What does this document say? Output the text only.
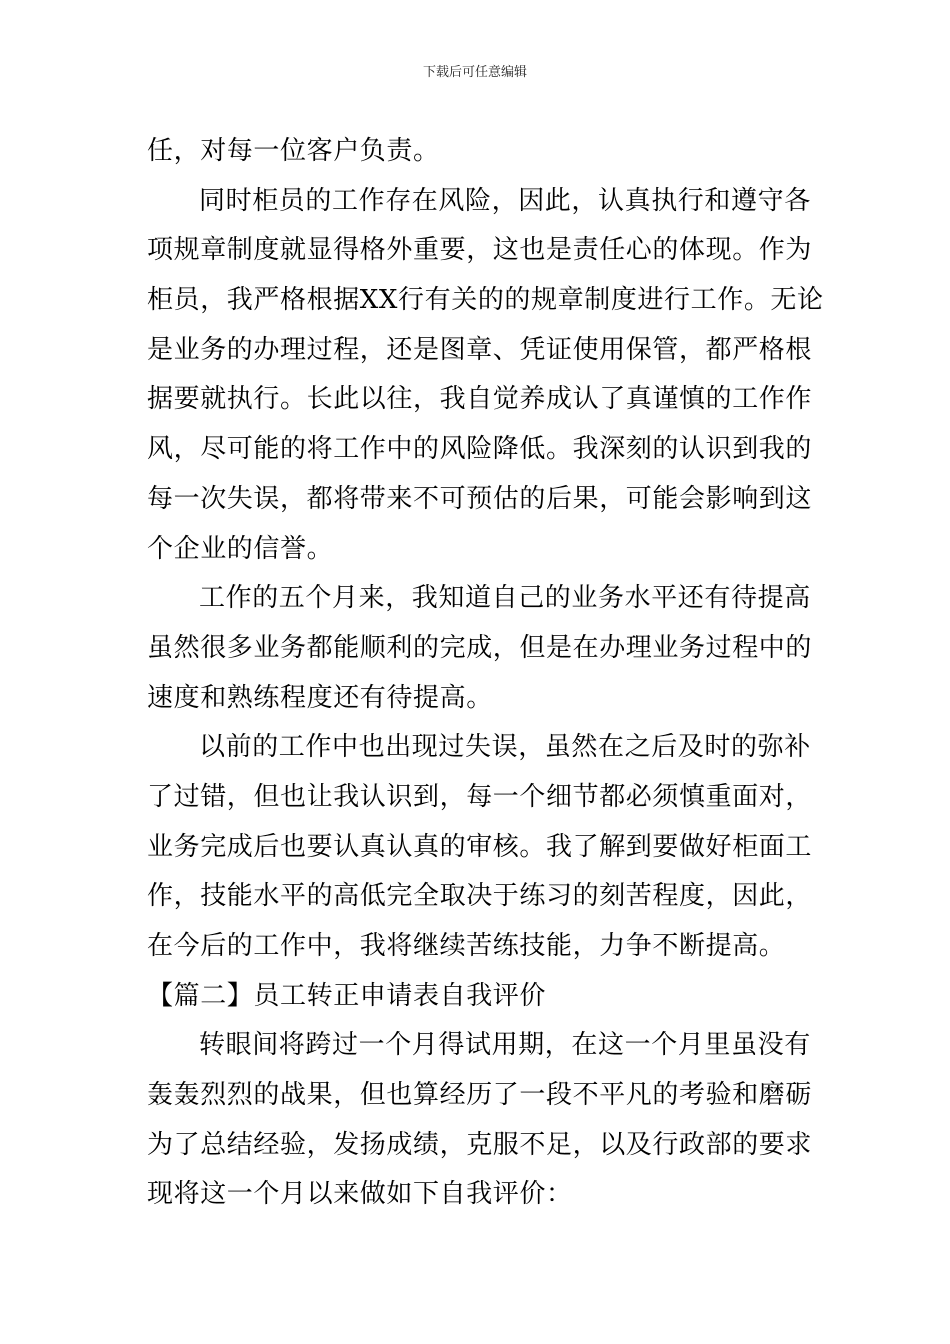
下载后可任意编辑
任，对每一位客户负责。
同时柜员的工作存在风险，因此，认真执行和遵守各
项规章制度就显得格外重要，这也是责任心的体现。作为
柜员，我严格根据XX行有关的的规章制度进行工作。无论
是业务的办理过程，还是图章、凭证使用保管，都严格根
据要就执行。长此以往，我自觉养成认了真谨慎的工作作
风，尽可能的将工作中的风险降低。我深刻的认识到我的
每一次失误，都将带来不可预估的后果，可能会影响到这
个企业的信誉。
工作的五个月来，我知道自己的业务水平还有待提高
虽然很多业务都能顺利的完成，但是在办理业务过程中的
速度和熟练程度还有待提高。
以前的工作中也出现过失误，虽然在之后及时的弥补
了过错，但也让我认识到，每一个细节都必须慎重面对，
业务完成后也要认真认真的审核。我了解到要做好柜面工
作，技能水平的高低完全取决于练习的刻苦程度，因此，
在今后的工作中，我将继续苦练技能，力争不断提高。
【篇二】员工转正申请表自我评价
转眼间将跨过一个月得试用期，在这一个月里虽没有
轰轰烈烈的战果，但也算经历了一段不平凡的考验和磨砺
为了总结经验，发扬成绩，克服不足，以及行政部的要求
现将这一个月以来做如下自我评价：
